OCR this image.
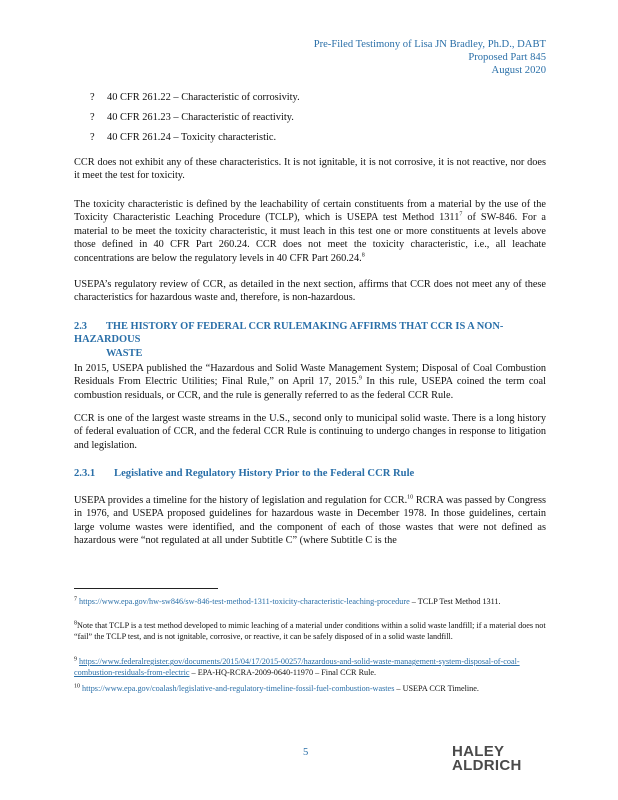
Pre-Filed Testimony of Lisa JN Bradley, Ph.D., DABT
Proposed Part 845
August 2020
? 40 CFR 261.22 – Characteristic of corrosivity.
? 40 CFR 261.23 – Characteristic of reactivity.
? 40 CFR 261.24 – Toxicity characteristic.
CCR does not exhibit any of these characteristics. It is not ignitable, it is not corrosive, it is not reactive, nor does it meet the test for toxicity.
The toxicity characteristic is defined by the leachability of certain constituents from a material by the use of the Toxicity Characteristic Leaching Procedure (TCLP), which is USEPA test Method 1311$^7$ of SW-846. For a material to be meet the toxicity characteristic, it must leach in this test one or more constituents at levels above those defined in 40 CFR Part 260.24. CCR does not meet the toxicity characteristic, i.e., all leachate concentrations are below the regulatory levels in 40 CFR Part 260.24.$^8$
USEPA’s regulatory review of CCR, as detailed in the next section, affirms that CCR does not meet any of these characteristics for hazardous waste and, therefore, is non-hazardous.
2.3 THE HISTORY OF FEDERAL CCR RULEMAKING AFFIRMS THAT CCR IS A NON-HAZARDOUS
WASTE
In 2015, USEPA published the “Hazardous and Solid Waste Management System; Disposal of Coal Combustion Residuals From Electric Utilities; Final Rule,” on April 17, 2015.$^9$ In this rule, USEPA coined the term coal combustion residuals, or CCR, and the rule is generally referred to as the federal CCR Rule.
CCR is one of the largest waste streams in the U.S., second only to municipal solid waste. There is a long history of federal evaluation of CCR, and the federal CCR Rule is continuing to undergo changes in response to litigation and legislation.
2.3.1 Legislative and Regulatory History Prior to the Federal CCR Rule
USEPA provides a timeline for the history of legislation and regulation for CCR.$^{10}$ RCRA was passed by Congress in 1976, and USEPA proposed guidelines for hazardous waste in December 1978. In those guidelines, certain large volume wastes were identified, and the component of each of those wastes that were not defined as hazardous were “not regulated at all under Subtitle C” (where Subtitle C is the
$^7$ https://www.epa.gov/hw-sw846/sw-846-test-method-1311-toxicity-characteristic-leaching-procedure – TCLP Test Method 1311.
$^8$Note that TCLP is a test method developed to mimic leaching of a material under conditions within a solid waste landfill; if a material does not “fail” the TCLP test, and is not ignitable, corrosive, or reactive, it can be safely disposed of in a solid waste landfill.
$^9$ https://www.federalregister.gov/documents/2015/04/17/2015-00257/hazardous-and-solid-waste-management-system-disposal-of-coal-combustion-residuals-from-electric – EPA-HQ-RCRA-2009-0640-11970 – Final CCR Rule.
$^{10}$ https://www.epa.gov/coalash/legislative-and-regulatory-timeline-fossil-fuel-combustion-wastes – USEPA CCR Timeline.
5	HALEY
ALDRICH
